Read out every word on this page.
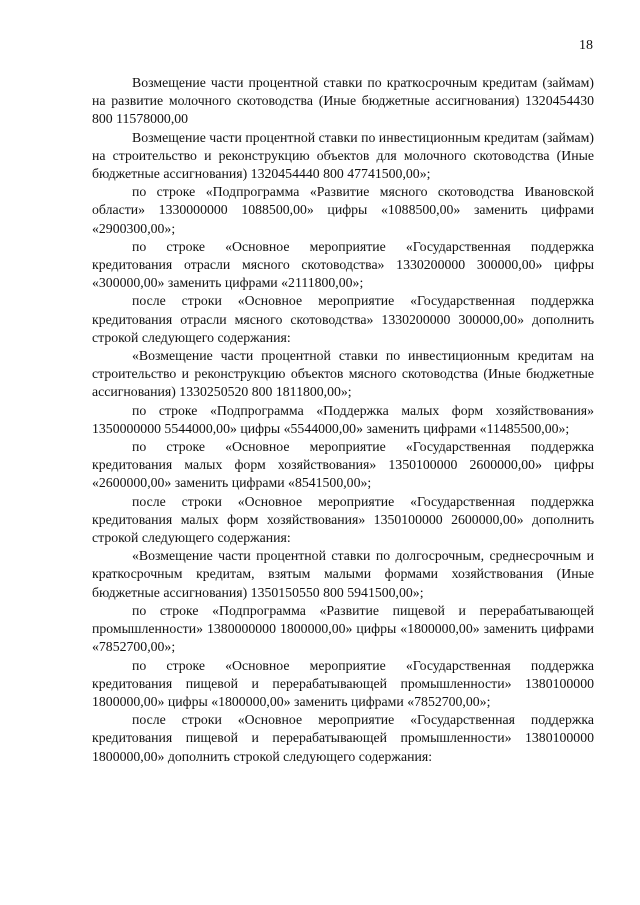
18

Возмещение части процентной ставки по краткосрочным кредитам (займам) на развитие молочного скотоводства (Иные бюджетные ассигнования) 1320454430 800 11578000,00

Возмещение части процентной ставки по инвестиционным кредитам (займам) на строительство и реконструкцию объектов для молочного скотоводства (Иные бюджетные ассигнования) 1320454440 800 47741500,00»;

по строке «Подпрограмма «Развитие мясного скотоводства Ивановской области» 1330000000 1088500,00» цифры «1088500,00» заменить цифрами «2900300,00»;

по строке «Основное мероприятие «Государственная поддержка кредитования отрасли мясного скотоводства» 1330200000 300000,00» цифры «300000,00» заменить цифрами «2111800,00»;

после строки «Основное мероприятие «Государственная поддержка кредитования отрасли мясного скотоводства» 1330200000 300000,00» дополнить строкой следующего содержания:

«Возмещение части процентной ставки по инвестиционным кредитам на строительство и реконструкцию объектов мясного скотоводства (Иные бюджетные ассигнования) 1330250520 800 1811800,00»;

по строке «Подпрограмма «Поддержка малых форм хозяйствования» 1350000000 5544000,00» цифры «5544000,00» заменить цифрами «11485500,00»;

по строке «Основное мероприятие «Государственная поддержка кредитования малых форм хозяйствования» 1350100000 2600000,00» цифры «2600000,00» заменить цифрами «8541500,00»;

после строки «Основное мероприятие «Государственная поддержка кредитования малых форм хозяйствования» 1350100000 2600000,00» дополнить строкой следующего содержания:

«Возмещение части процентной ставки по долгосрочным, среднесрочным и краткосрочным кредитам, взятым малыми формами хозяйствования (Иные бюджетные ассигнования) 1350150550 800 5941500,00»;

по строке «Подпрограмма «Развитие пищевой и перерабатывающей промышленности» 1380000000 1800000,00» цифры «1800000,00» заменить цифрами «7852700,00»;

по строке «Основное мероприятие «Государственная поддержка кредитования пищевой и перерабатывающей промышленности» 1380100000 1800000,00» цифры «1800000,00» заменить цифрами «7852700,00»;

после строки «Основное мероприятие «Государственная поддержка кредитования пищевой и перерабатывающей промышленности» 1380100000 1800000,00» дополнить строкой следующего содержания:
